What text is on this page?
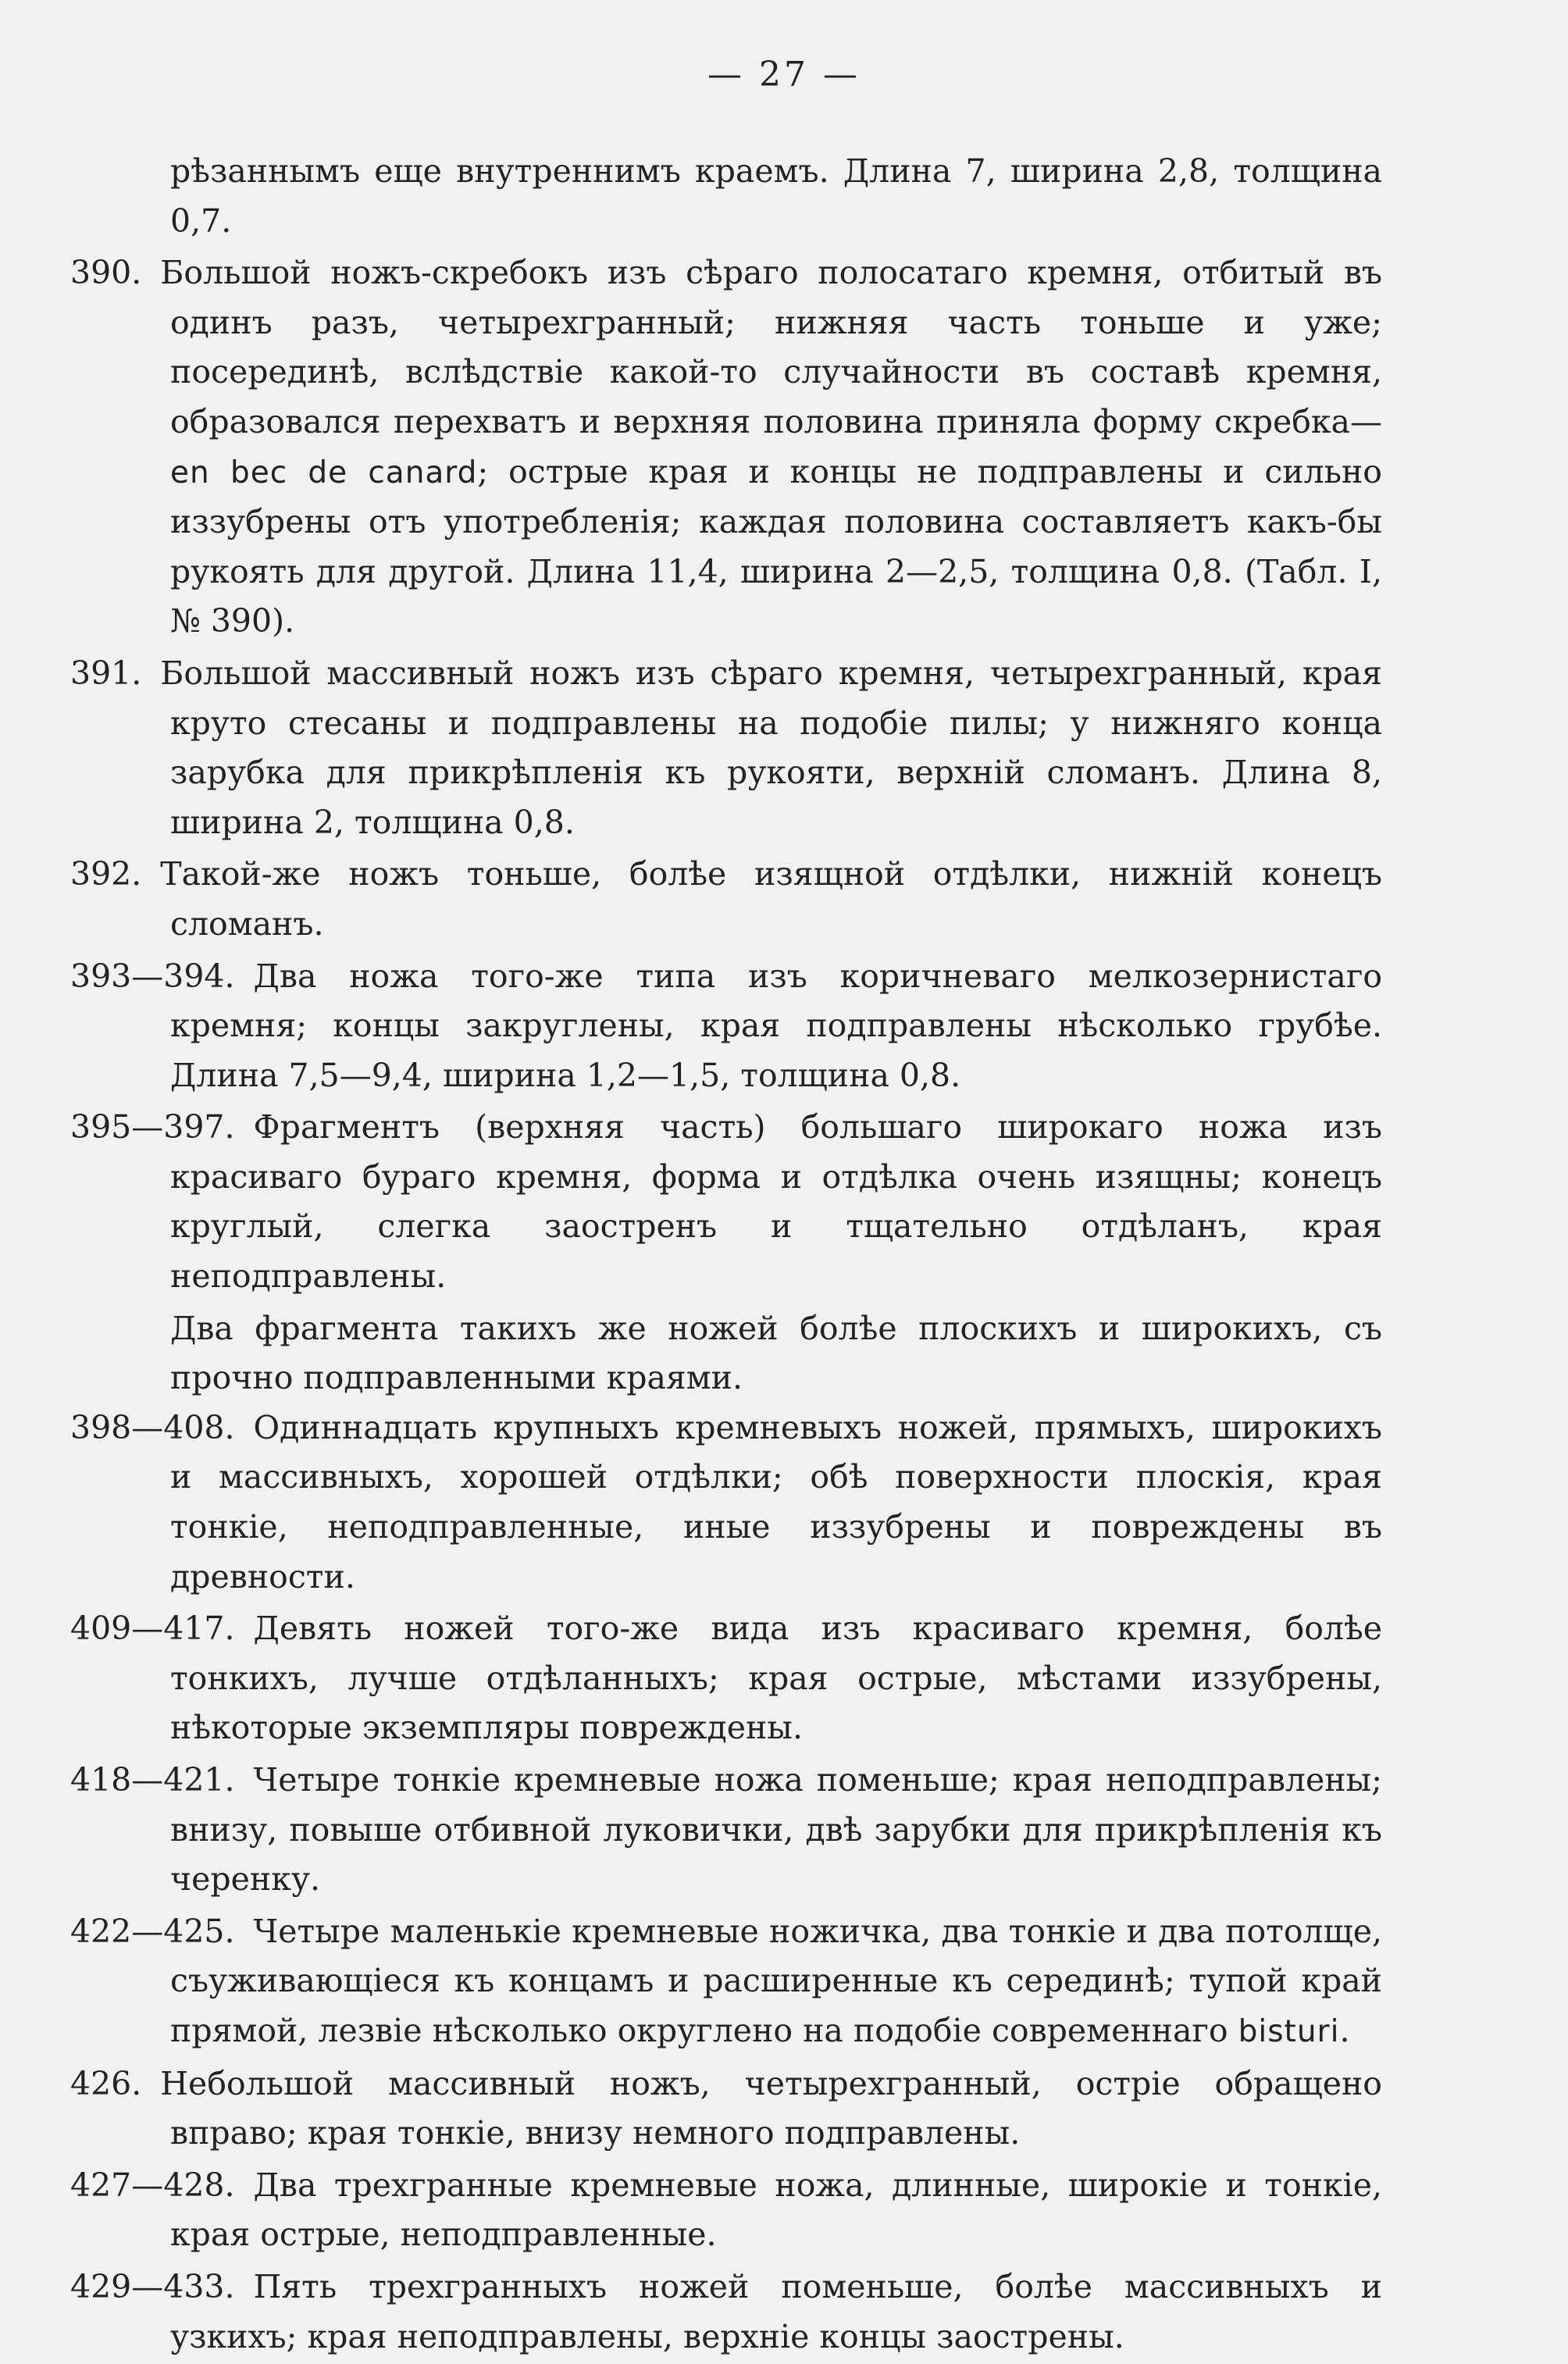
— 27 —
рѣзаннымъ еще внутреннимъ краемъ. Длина 7, ширина 2,8, толщина 0,7.
390. Большой ножъ-скребокъ изъ сѣраго полосатаго кремня, отбитый въ одинъ разъ, четырехгранный; нижняя часть тоньше и уже; посерединѣ, вслѣдствіе какой-то случайности въ составѣ кремня, образовался перехватъ и верхняя половина приняла форму скребка—en bec de canard; острые края и концы не подправлены и сильно иззубрены отъ употребленія; каждая половина составляетъ какъ-бы рукоять для другой. Длина 11,4, ширина 2—2,5, толщина 0,8. (Табл. I, № 390).
391. Большой массивный ножъ изъ сѣраго кремня, четырехгранный, края круто стесаны и подправлены на подобіе пилы; у нижняго конца зарубка для прикрѣпленія къ рукояти, верхній сломанъ. Длина 8, ширина 2, толщина 0,8.
392. Такой-же ножъ тоньше, болѣе изящной отдѣлки, нижній конецъ сломанъ.
393—394. Два ножа того-же типа изъ коричневаго мелкозернистаго кремня; концы закруглены, края подправлены нѣсколько грубѣе. Длина 7,5—9,4, ширина 1,2—1,5, толщина 0,8.
395—397. Фрагментъ (верхняя часть) большаго широкаго ножа изъ красиваго бураго кремня, форма и отдѣлка очень изящны; конецъ круглый, слегка заостренъ и тщательно отдѣланъ, края неподправлены.
Два фрагмента такихъ же ножей болѣе плоскихъ и широкихъ, съ прочно подправленными краями.
398—408. Одиннадцать крупныхъ кремневыхъ ножей, прямыхъ, широкихъ и массивныхъ, хорошей отдѣлки; обѣ поверхности плоскія, края тонкіе, неподправленные, иные иззубрены и повреждены въ древности.
409—417. Девять ножей того-же вида изъ красиваго кремня, болѣе тонкихъ, лучше отдѣланныхъ; края острые, мѣстами иззубрены, нѣкоторые экземпляры повреждены.
418—421. Четыре тонкіе кремневые ножа поменьше; края неподправлены; внизу, повыше отбивной луковички, двѣ зарубки для прикрѣпленія къ черенку.
422—425. Четыре маленькіе кремневые ножичка, два тонкіе и два потолще, съуживающіеся къ концамъ и расширенные къ серединѣ; тупой край прямой, лезвіе нѣсколько округлено на подобіе современнаго bisturi.
426. Небольшой массивный ножъ, четырехгранный, остріе обращено вправо; края тонкіе, внизу немного подправлены.
427—428. Два трехгранные кремневые ножа, длинные, широкіе и тонкіе, края острые, неподправленные.
429—433. Пять трехгранныхъ ножей поменьше, болѣе массивныхъ и узкихъ; края неподправлены, верхніе концы заострены.
